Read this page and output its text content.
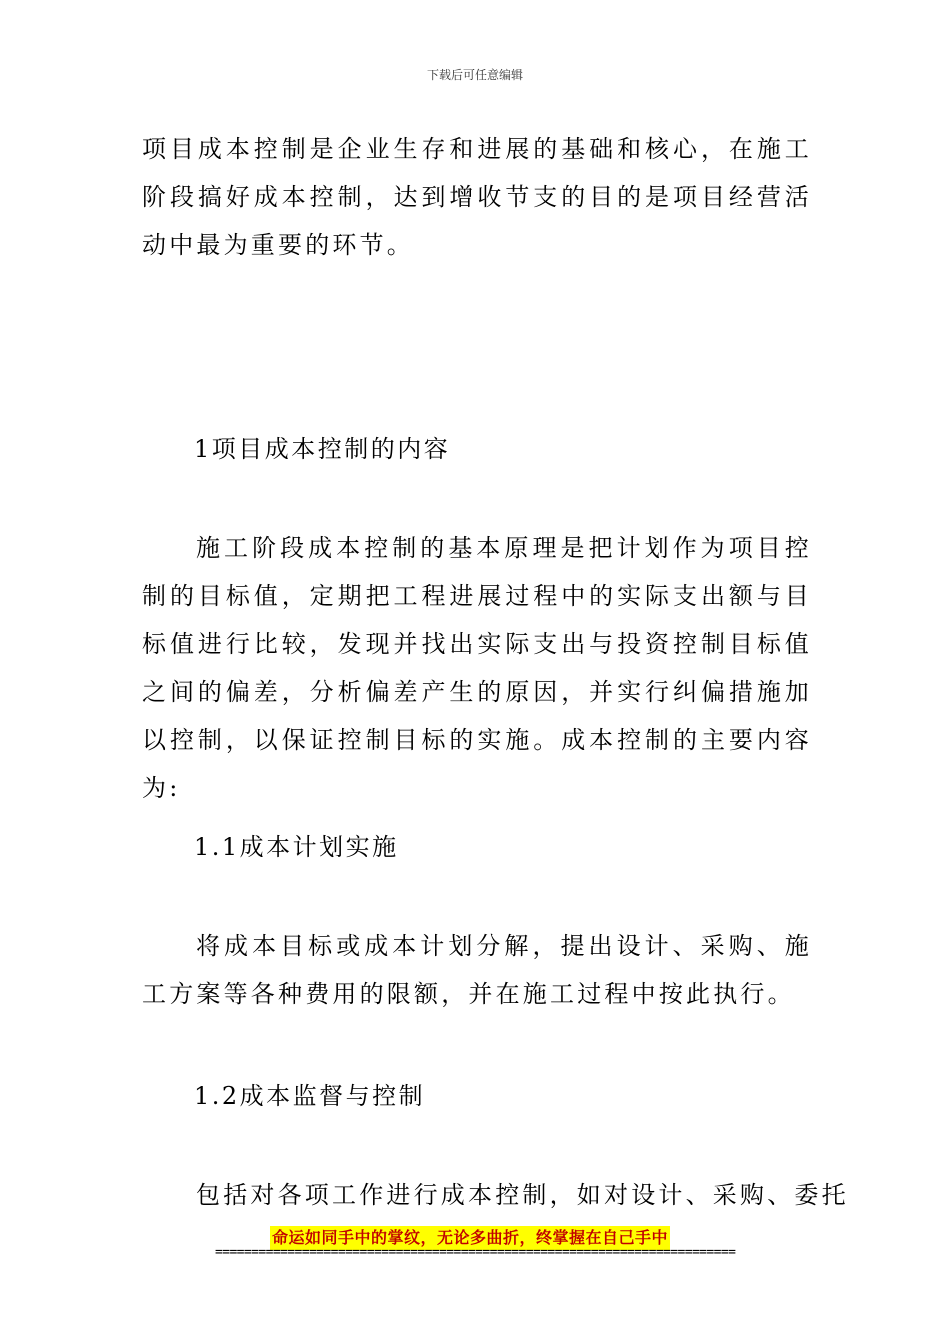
下载后可任意编辑

项目成本控制是企业生存和进展的基础和核心，在施工阶段搞好成本控制，达到增收节支的目的是项目经营活动中最为重要的环节。

1项目成本控制的内容

施工阶段成本控制的基本原理是把计划作为项目控制的目标值，定期把工程进展过程中的实际支出额与目标值进行比较，发现并找出实际支出与投资控制目标值之间的偏差，分析偏差产生的原因，并实行纠偏措施加以控制，以保证控制目标的实施。成本控制的主要内容为:

1.1成本计划实施

将成本目标或成本计划分解，提出设计、采购、施工方案等各种费用的限额，并在施工过程中按此执行。

1.2成本监督与控制

包括对各项工作进行成本控制，如对设计、采购、委托

命运如同手中的掌纹，无论多曲折，终掌握在自己手中
========================================================================
